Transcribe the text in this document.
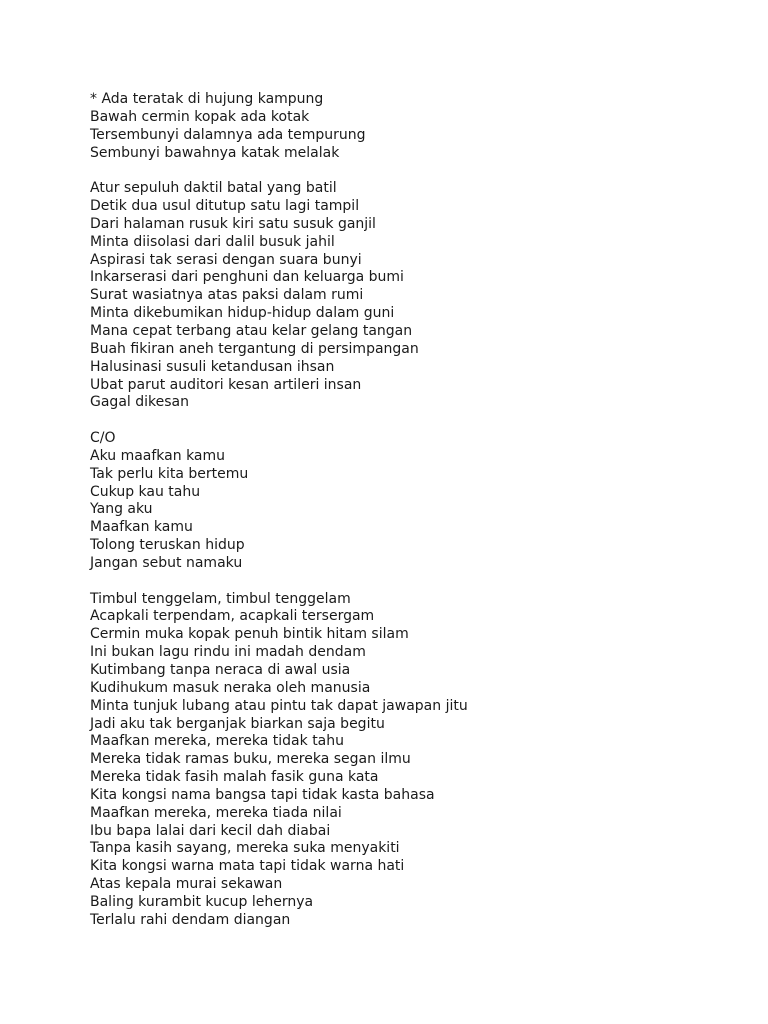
* Ada teratak di hujung kampung
Bawah cermin kopak ada kotak
Tersembunyi dalamnya ada tempurung
Sembunyi bawahnya katak melalak
Atur sepuluh daktil batal yang batil
Detik dua usul ditutup satu lagi tampil
Dari halaman rusuk kiri satu susuk ganjil
Minta diisolasi dari dalil busuk jahil
Aspirasi tak serasi dengan suara bunyi
Inkarserasi dari penghuni dan keluarga bumi
Surat wasiatnya atas paksi dalam rumi
Minta dikebumikan hidup-hidup dalam guni
Mana cepat terbang atau kelar gelang tangan
Buah fikiran aneh tergantung di persimpangan
Halusinasi susuli ketandusan ihsan
Ubat parut auditori kesan artileri insan
Gagal dikesan
C/O
Aku maafkan kamu
Tak perlu kita bertemu
Cukup kau tahu
Yang aku
Maafkan kamu
Tolong teruskan hidup
Jangan sebut namaku
Timbul tenggelam, timbul tenggelam
Acapkali terpendam, acapkali tersergam
Cermin muka kopak penuh bintik hitam silam
Ini bukan lagu rindu ini madah dendam
Kutimbang tanpa neraca di awal usia
Kudihukum masuk neraka oleh manusia
Minta tunjuk lubang atau pintu tak dapat jawapan jitu
Jadi aku tak berganjak biarkan saja begitu
Maafkan mereka, mereka tidak tahu
Mereka tidak ramas buku, mereka segan ilmu
Mereka tidak fasih malah fasik guna kata
Kita kongsi nama bangsa tapi tidak kasta bahasa
Maafkan mereka, mereka tiada nilai
Ibu bapa lalai dari kecil dah diabai
Tanpa kasih sayang, mereka suka menyakiti
Kita kongsi warna mata tapi tidak warna hati
Atas kepala murai sekawan
Baling kurambit kucup lehernya
Terlalu rahi dendam diangan
